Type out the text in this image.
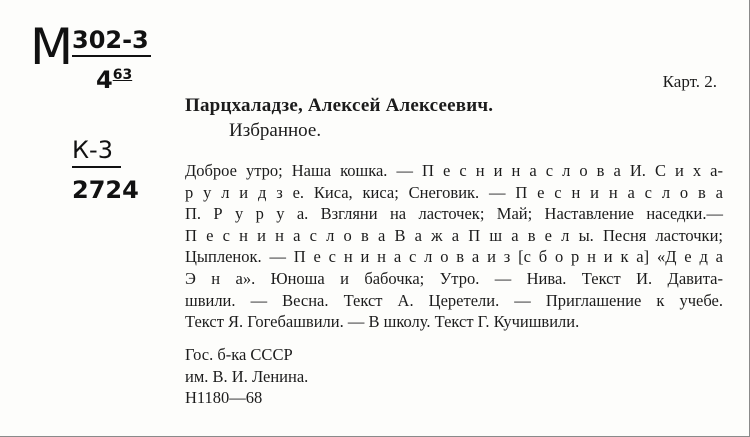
М
302-3
$4^{63}$
К-3
2724
Карт. 2.
Парцхаладзе, Алексей Алексеевич.
Избранное.

Доброе утро; Наша кошка. — П е с н и н а с л о в а И. С и х а-
р у л и д з е. Киса, киса; Снеговик. — П е с н и н а с л о в а
П. Р у р у а. Взгляни на ласточек; Май; Наставление наседки.—
П е с н и н а с л о в а В а ж а П ш а в е л ы. Песня ласточки;
Цыпленок. — П е с н и н а с л о в а и з [с б о р н и к а] «Д е д а
Э н а». Юноша и бабочка; Утро. — Нива. Текст И. Давита-
швили. — Весна. Текст А. Церетели. — Приглашение к учебе.
Текст Я. Гогебашвили. — В школу. Текст Г. Кучишвили.

Гос. б-ка СССР
им. В. И. Ленина.
Н1180—68
